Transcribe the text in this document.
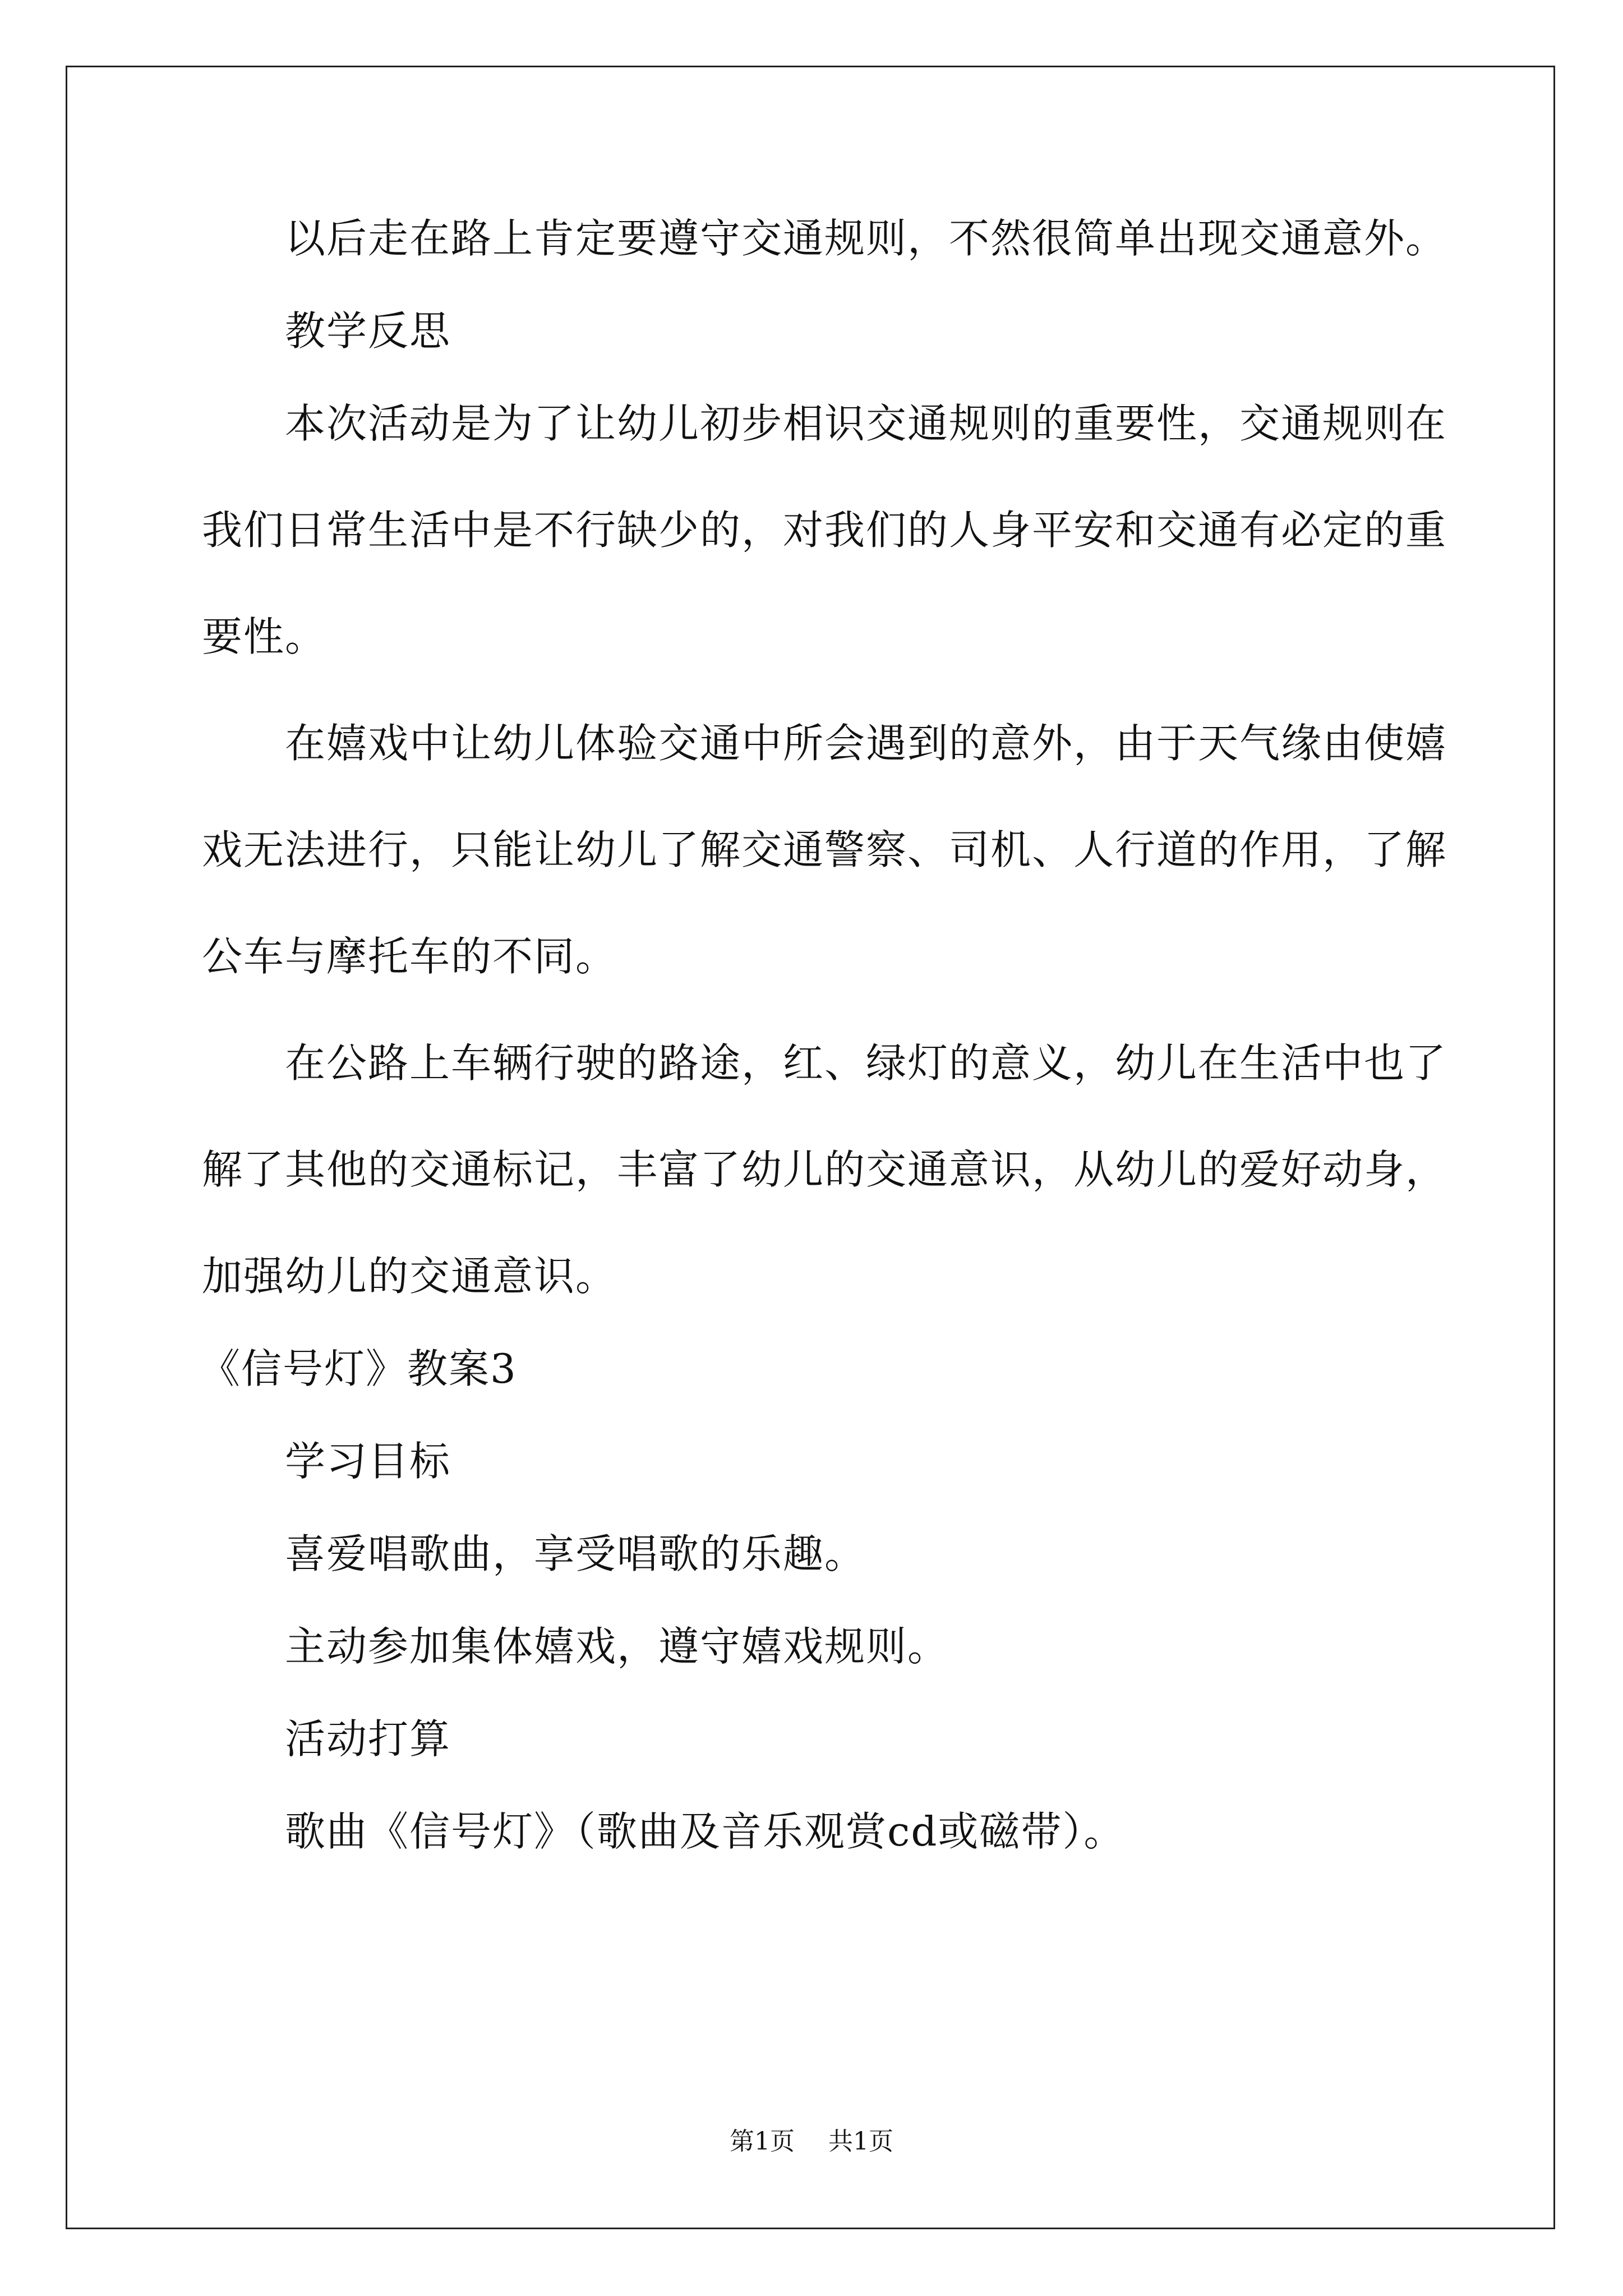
以后走在路上肯定要遵守交通规则，不然很简单出现交通意外。
教学反思
本次活动是为了让幼儿初步相识交通规则的重要性，交通规则在
我们日常生活中是不行缺少的，对我们的人身平安和交通有必定的重
要性。
在嬉戏中让幼儿体验交通中所会遇到的意外，由于天气缘由使嬉
戏无法进行，只能让幼儿了解交通警察、司机、人行道的作用，了解
公车与摩托车的不同。
在公路上车辆行驶的路途，红、绿灯的意义，幼儿在生活中也了
解了其他的交通标记，丰富了幼儿的交通意识，从幼儿的爱好动身，
加强幼儿的交通意识。
《信号灯》教案3
学习目标
喜爱唱歌曲，享受唱歌的乐趣。
主动参加集体嬉戏，遵守嬉戏规则。
活动打算
歌曲《信号灯》（歌曲及音乐观赏cd或磁带）。
第1页 共1页
